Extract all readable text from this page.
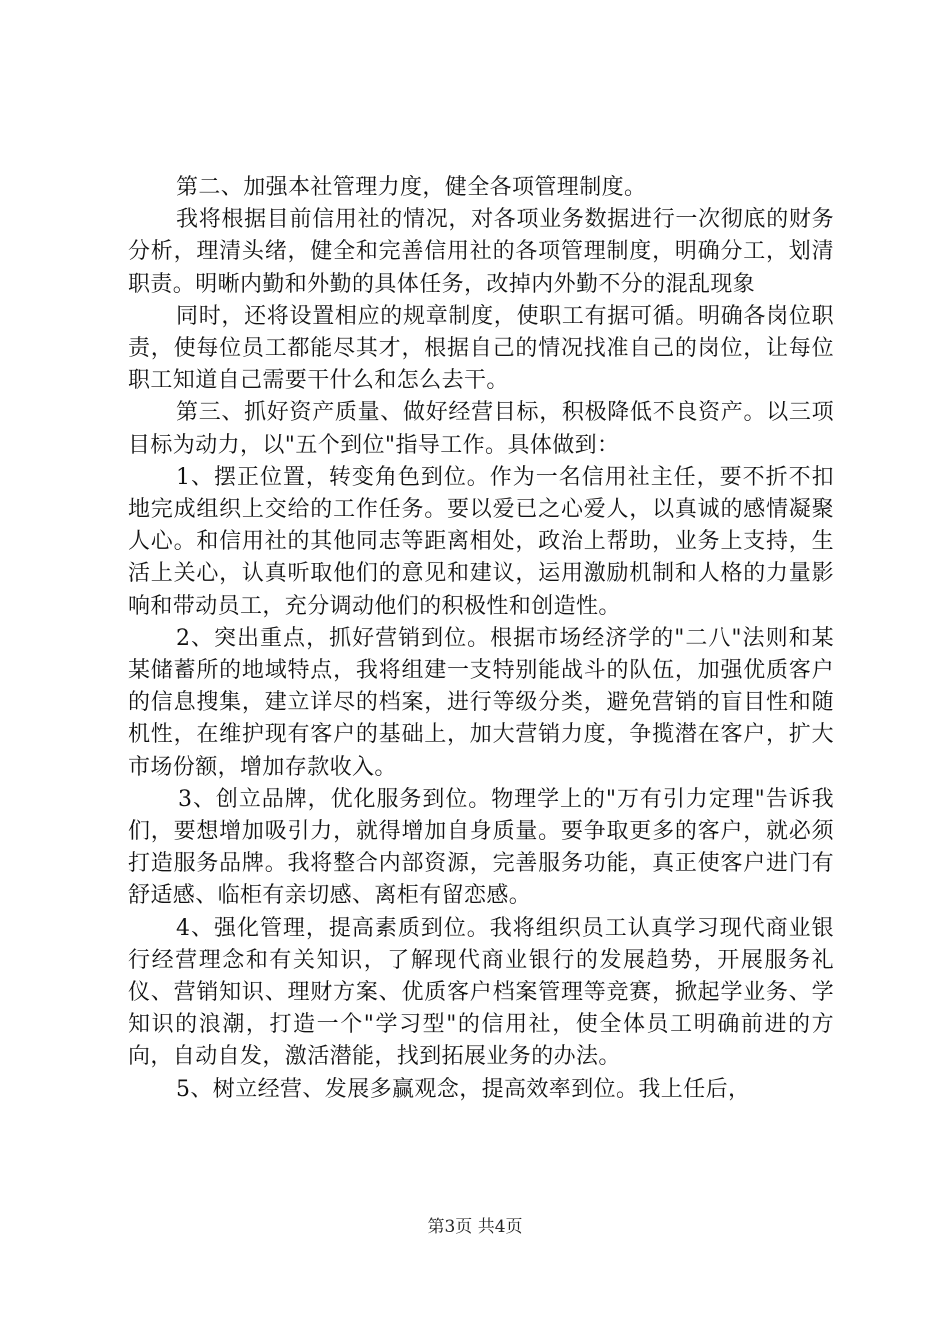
第二、加强本社管理力度，健全各项管理制度。

我将根据目前信用社的情况，对各项业务数据进行一次彻底的财务分析，理清头绪，健全和完善信用社的各项管理制度，明确分工，划清职责。明晰内勤和外勤的具体任务，改掉内外勤不分的混乱现象

同时，还将设置相应的规章制度，使职工有据可循。明确各岗位职责，使每位员工都能尽其才，根据自己的情况找准自己的岗位，让每位职工知道自己需要干什么和怎么去干。

第三、抓好资产质量、做好经营目标，积极降低不良资产。以三项目标为动力，以"五个到位"指导工作。具体做到：

1、摆正位置，转变角色到位。作为一名信用社主任，要不折不扣地完成组织上交给的工作任务。要以爱已之心爱人，以真诚的感情凝聚人心。和信用社的其他同志等距离相处，政治上帮助，业务上支持，生活上关心，认真听取他们的意见和建议，运用激励机制和人格的力量影响和带动员工，充分调动他们的积极性和创造性。

2、突出重点，抓好营销到位。根据市场经济学的"二八"法则和某某储蓄所的地域特点，我将组建一支特别能战斗的队伍，加强优质客户的信息搜集，建立详尽的档案，进行等级分类，避免营销的盲目性和随机性，在维护现有客户的基础上，加大营销力度，争揽潜在客户，扩大市场份额，增加存款收入。

3、创立品牌，优化服务到位。物理学上的"万有引力定理"告诉我们，要想增加吸引力，就得增加自身质量。要争取更多的客户，就必须打造服务品牌。我将整合内部资源，完善服务功能，真正使客户进门有舒适感、临柜有亲切感、离柜有留恋感。

4、强化管理，提高素质到位。我将组织员工认真学习现代商业银行经营理念和有关知识，了解现代商业银行的发展趋势，开展服务礼仪、营销知识、理财方案、优质客户档案管理等竞赛，掀起学业务、学知识的浪潮，打造一个"学习型"的信用社，使全体员工明确前进的方向，自动自发，激活潜能，找到拓展业务的办法。

5、树立经营、发展多赢观念，提高效率到位。我上任后，

第3页 共4页
